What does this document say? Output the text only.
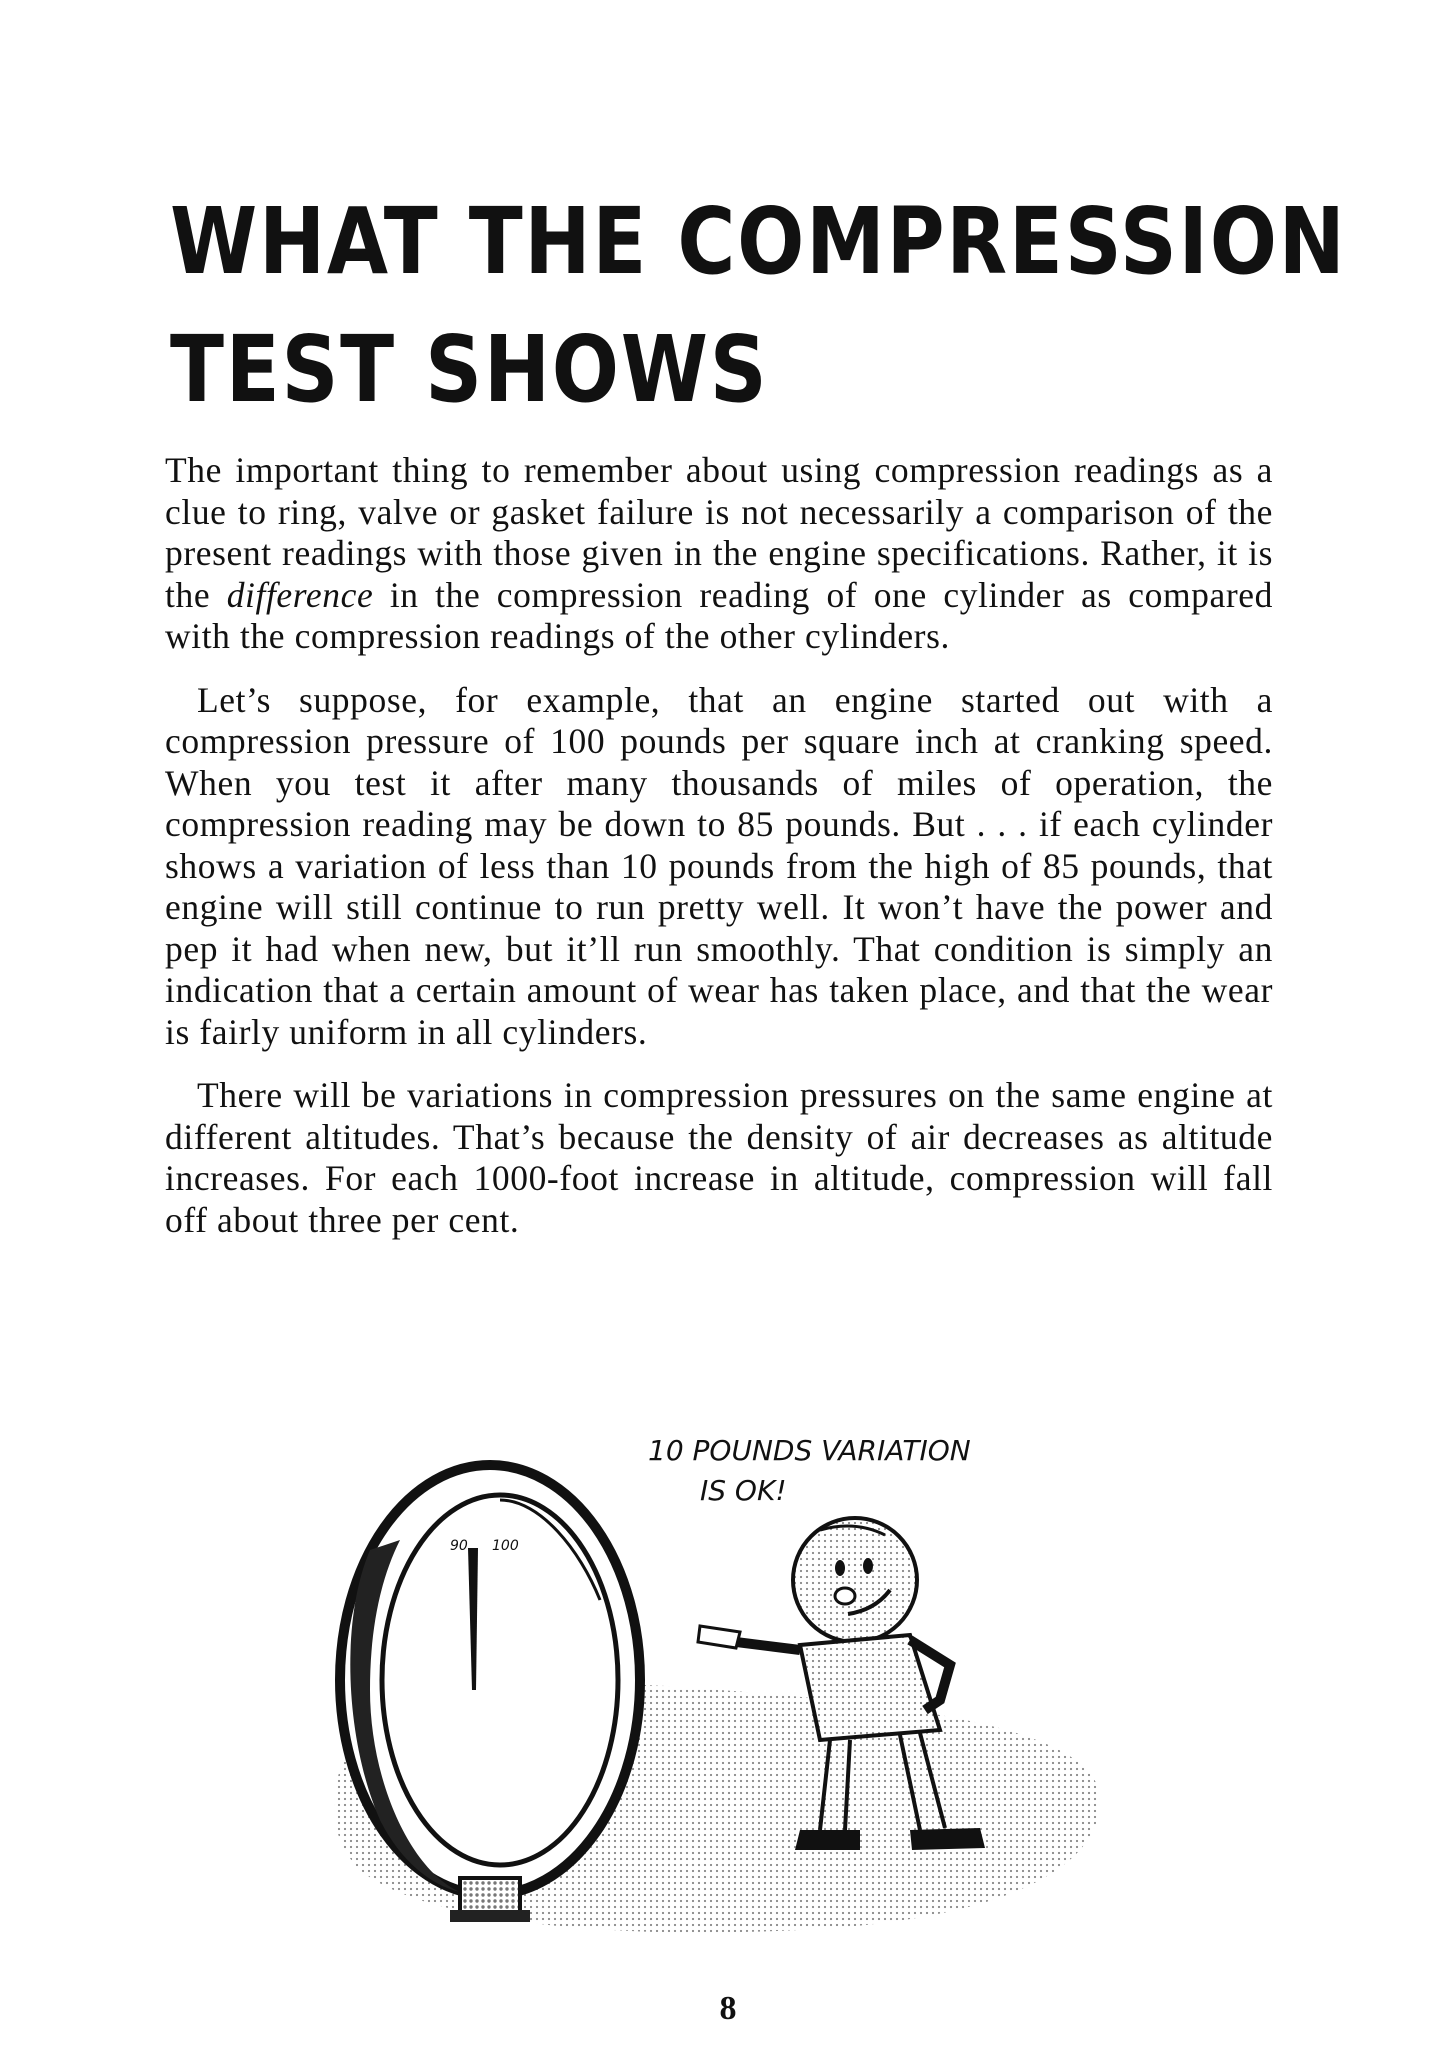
WHAT THE COMPRESSION
TEST SHOWS

The important thing to remember about using compression readings as a clue to ring, valve or gasket failure is not necessarily a comparison of the present readings with those given in the engine specifications. Rather, it is the difference in the compression reading of one cylinder as compared with the compression readings of the other cylinders.

Let’s suppose, for example, that an engine started out with a compression pressure of 100 pounds per square inch at cranking speed. When you test it after many thousands of miles of operation, the compression reading may be down to 85 pounds. But . . . if each cylinder shows a variation of less than 10 pounds from the high of 85 pounds, that engine will still continue to run pretty well. It won’t have the power and pep it had when new, but it’ll run smoothly. That condition is simply an indication that a certain amount of wear has taken place, and that the wear is fairly uniform in all cylinders.

There will be variations in compression pressures on the same engine at different altitudes. That’s because the density of air decreases as altitude increases. For each 1000-foot increase in altitude, compression will fall off about three per cent.

90 100
10 POUNDS VARIATION
IS OK!
8
